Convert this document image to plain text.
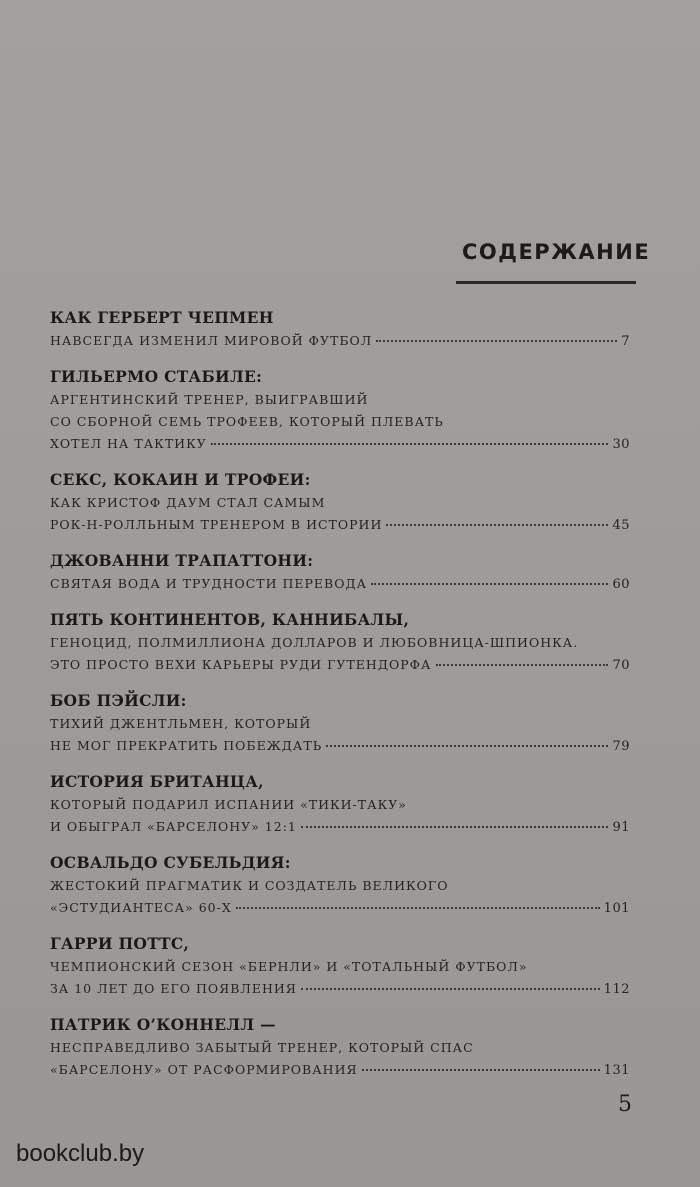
СОДЕРЖАНИЕ
КАК ГЕРБЕРТ ЧЕПМЕН
НАВСЕГДА ИЗМЕНИЛ МИРОВОЙ ФУТБОЛ	7
ГИЛЬЕРМО СТАБИЛЕ:
АРГЕНТИНСКИЙ ТРЕНЕР, ВЫИГРАВШИЙ
СО СБОРНОЙ СЕМЬ ТРОФЕЕВ, КОТОРЫЙ ПЛЕВАТЬ
ХОТЕЛ НА ТАКТИКУ	30
СЕКС, КОКАИН И ТРОФЕИ:
КАК КРИСТОФ ДАУМ СТАЛ САМЫМ
РОК-Н-РОЛЛЬНЫМ ТРЕНЕРОМ В ИСТОРИИ	45
ДЖОВАННИ ТРАПАТТОНИ:
СВЯТАЯ ВОДА И ТРУДНОСТИ ПЕРЕВОДА	60
ПЯТЬ КОНТИНЕНТОВ, КАННИБАЛЫ,
ГЕНОЦИД, ПОЛМИЛЛИОНА ДОЛЛАРОВ И ЛЮБОВНИЦА-ШПИОНКА.
ЭТО ПРОСТО ВЕХИ КАРЬЕРЫ РУДИ ГУТЕНДОРФА	70
БОБ ПЭЙСЛИ:
ТИХИЙ ДЖЕНТЛЬМЕН, КОТОРЫЙ
НЕ МОГ ПРЕКРАТИТЬ ПОБЕЖДАТЬ	79
ИСТОРИЯ БРИТАНЦА,
КОТОРЫЙ ПОДАРИЛ ИСПАНИИ «ТИКИ-ТАКУ»
И ОБЫГРАЛ «БАРСЕЛОНУ» 12:1	91
ОСВАЛЬДО СУБЕЛЬДИЯ:
ЖЕСТОКИЙ ПРАГМАТИК И СОЗДАТЕЛЬ ВЕЛИКОГО
«ЭСТУДИАНТЕСА» 60-Х	101
ГАРРИ ПОТТС,
ЧЕМПИОНСКИЙ СЕЗОН «БЕРНЛИ» И «ТОТАЛЬНЫЙ ФУТБОЛ»
ЗА 10 ЛЕТ ДО ЕГО ПОЯВЛЕНИЯ	112
ПАТРИК О’КОННЕЛЛ —
НЕСПРАВЕДЛИВО ЗАБЫТЫЙ ТРЕНЕР, КОТОРЫЙ СПАС
«БАРСЕЛОНУ» ОТ РАСФОРМИРОВАНИЯ	131
5
bookclub.by
